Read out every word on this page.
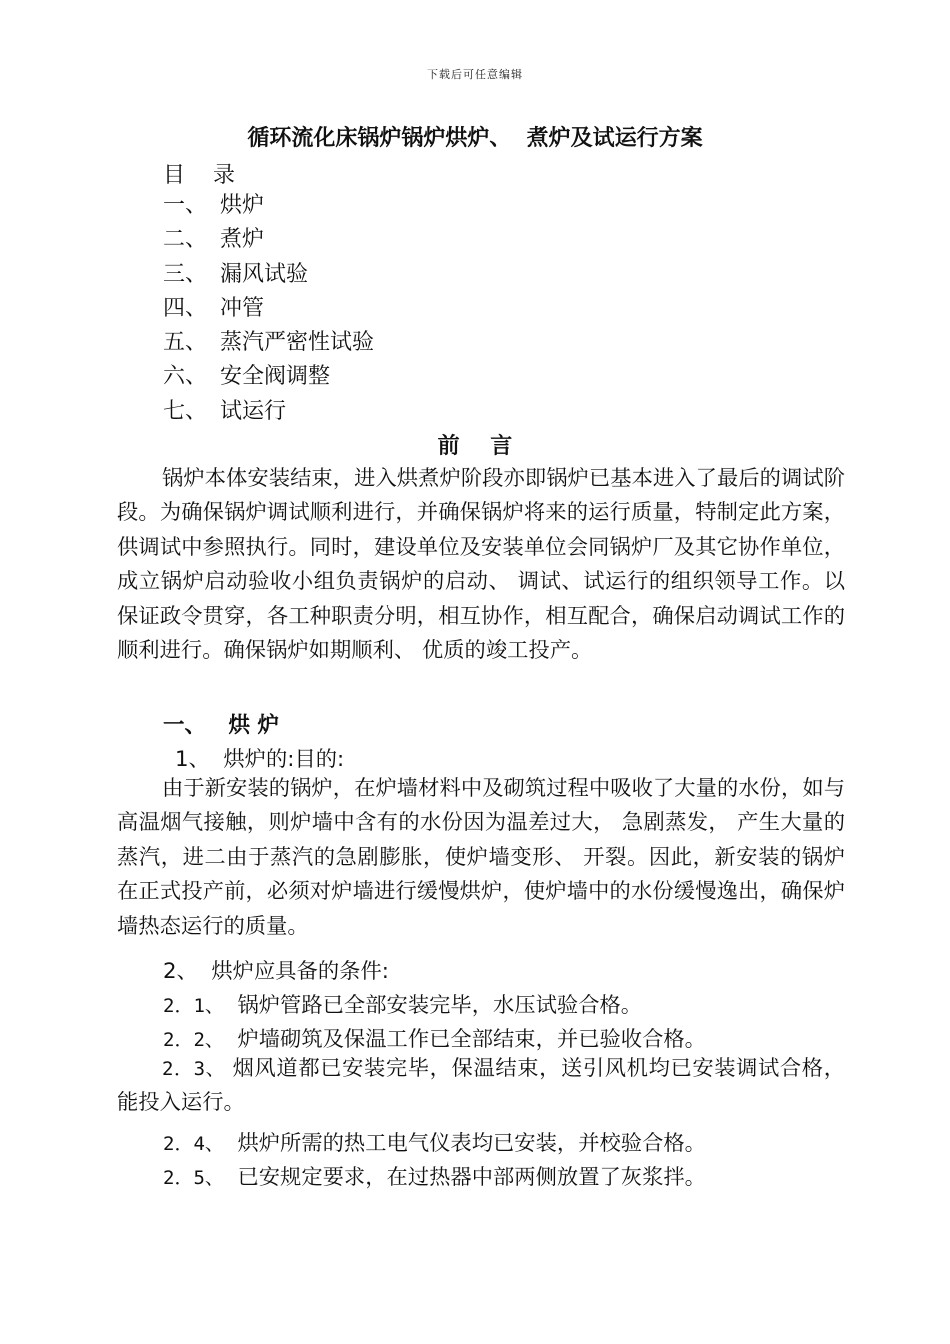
下载后可任意编辑
循环流化床锅炉锅炉烘炉、  煮炉及试运行方案
目    录
一、 烘炉
二、 煮炉
三、 漏风试验
四、 冲管
五、 蒸汽严密性试验
六、 安全阀调整
七、 试运行
前    言

锅炉本体安装结束，进入烘煮炉阶段亦即锅炉已基本进入了最后的调试阶段。为确保锅炉调试顺利进行，并确保锅炉将来的运行质量，特制定此方案，供调试中参照执行。同时，建设单位及安装单位会同锅炉厂及其它协作单位，成立锅炉启动验收小组负责锅炉的启动、 调试、试运行的组织领导工作。以保证政令贯穿，各工种职责分明，相互协作，相互配合，确保启动调试工作的顺利进行。确保锅炉如期顺利、 优质的竣工投产。

一、   烘 炉
1、  烘炉的:目的:

由于新安装的锅炉，在炉墙材料中及砌筑过程中吸收了大量的水份，如与高温烟气接触，则炉墙中含有的水份因为温差过大， 急剧蒸发， 产生大量的蒸汽，进二由于蒸汽的急剧膨胀，使炉墙变形、 开裂。因此，新安装的锅炉在正式投产前，必须对炉墙进行缓慢烘炉，使炉墙中的水份缓慢逸出，确保炉墙热态运行的质量。

2、  烘炉应具备的条件:
2．1、 锅炉管路已全部安装完毕，水压试验合格。
2．2、 炉墙砌筑及保温工作已全部结束，并已验收合格。

2．3、 烟风道都已安装完毕，保温结束，送引风机均已安装调试合格，能投入运行。

2．4、 烘炉所需的热工电气仪表均已安装，并校验合格。
2．5、 已安规定要求，在过热器中部两侧放置了灰浆拌。
